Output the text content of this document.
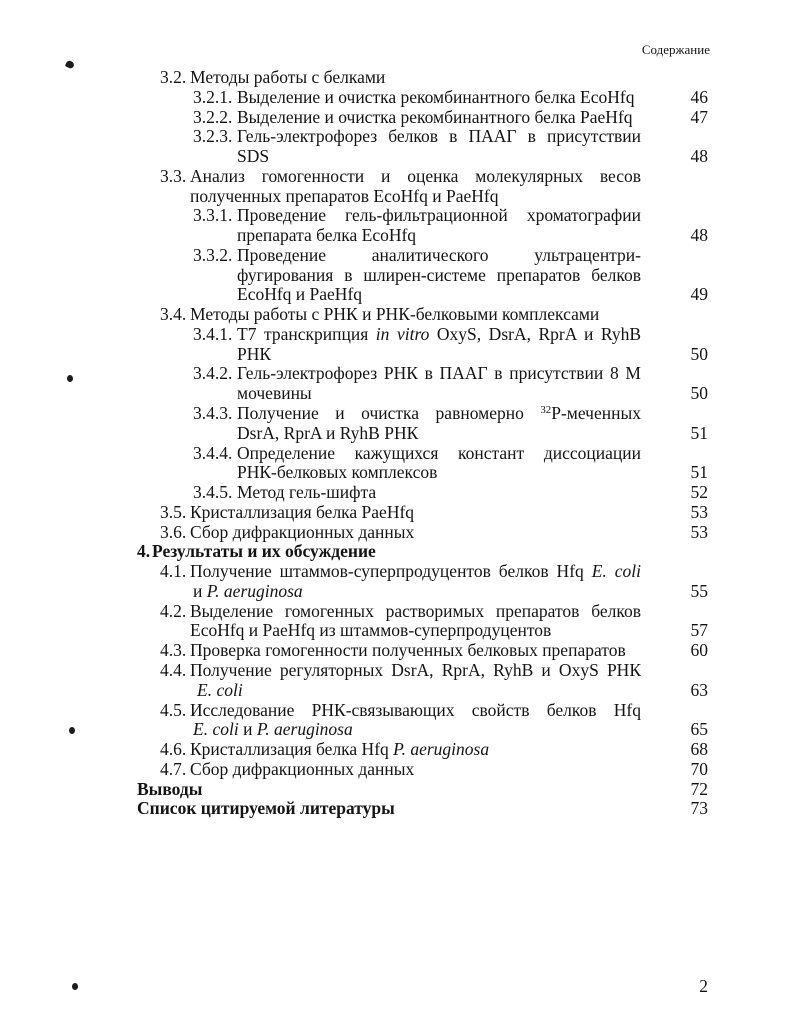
Содержание
3.2. Методы работы с белками
3.2.1. Выделение и очистка рекомбинантного белка EcoHfq	46
3.2.2. Выделение и очистка рекомбинантного белка PaeHfq	47
3.2.3. Гель-электрофорез белков в ПААГ в присутствии
SDS	48
3.3. Анализ гомогенности и оценка молекулярных весов
полученных препаратов EcoHfq и PaeHfq
3.3.1. Проведение гель-фильтрационной хроматографии
препарата белка EcoHfq	48
3.3.2. Проведение аналитического ультрацентри-
фугирования в шлирен-системе препаратов белков
EcoHfq и PaeHfq	49
3.4. Методы работы с РНК и РНК-белковыми комплексами
3.4.1. T7 транскрипция in vitro OxyS, DsrA, RprA и RyhB
РНК	50
3.4.2. Гель-электрофорез РНК в ПААГ в присутствии 8 М
мочевины	50
3.4.3. Получение и очистка равномерно $^{32}$P-меченных
DsrA, RprA и RyhB РНК	51
3.4.4. Определение кажущихся констант диссоциации
РНК-белковых комплексов	51
3.4.5. Метод гель-шифта	52
3.5. Кристаллизация белка PaeHfq	53
3.6. Сбор дифракционных данных	53
4. Результаты и их обсуждение
4.1. Получение штаммов-суперпродуцентов белков Hfq E. coli
и P. aeruginosa	55
4.2. Выделение гомогенных растворимых препаратов белков
EcoHfq и PaeHfq из штаммов-суперпродуцентов	57
4.3. Проверка гомогенности полученных белковых препаратов	60
4.4. Получение регуляторных DsrA, RprA, RyhB и OxyS РНК
E. coli	63
4.5. Исследование РНК-связывающих свойств белков Hfq
E. coli и P. aeruginosa	65
4.6. Кристаллизация белка Hfq P. aeruginosa	68
4.7. Сбор дифракционных данных	70
Выводы	72
Список цитируемой литературы	73
2
